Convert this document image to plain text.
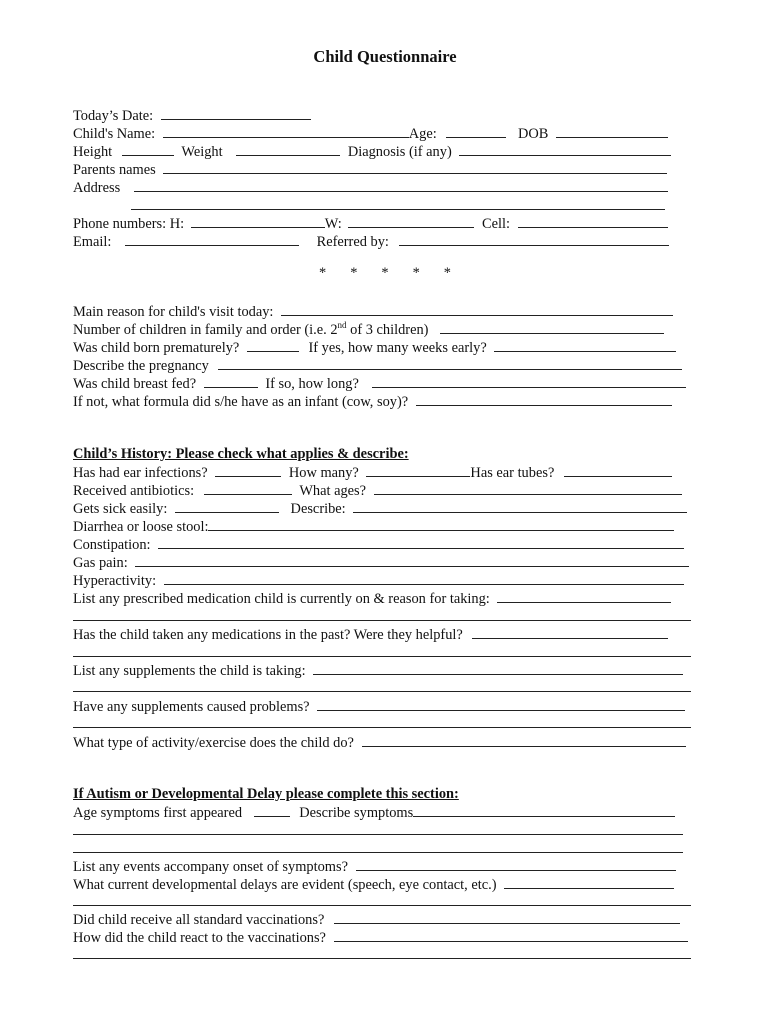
Child Questionnaire
Today’s Date:
Child's Name:	Age:	DOB
Height	Weight	Diagnosis (if any)
Parents names
Address
Phone numbers: H:	W:	Cell:
Email:	Referred by:
* * * * *
Main reason for child's visit today:
Number of children in family and order (i.e. 2nd of 3 children)
Was child born prematurely?	If yes, how many weeks early?
Describe the pregnancy
Was child breast fed?	If so, how long?
If not, what formula did s/he have as an infant (cow, soy)?
Child’s History: Please check what applies & describe:
Has had ear infections?	How many?	Has ear tubes?
Received antibiotics:	What ages?
Gets sick easily:	Describe:
Diarrhea or loose stool:
Constipation:
Gas pain:
Hyperactivity:
List any prescribed medication child is currently on & reason for taking:
Has the child taken any medications in the past? Were they helpful?
List any supplements the child is taking:
Have any supplements caused problems?
What type of activity/exercise does the child do?
If Autism or Developmental Delay please complete this section:
Age symptoms first appeared	Describe symptoms
List any events accompany onset of symptoms?
What current developmental delays are evident (speech, eye contact, etc.)
Did child receive all standard vaccinations?
How did the child react to the vaccinations?
